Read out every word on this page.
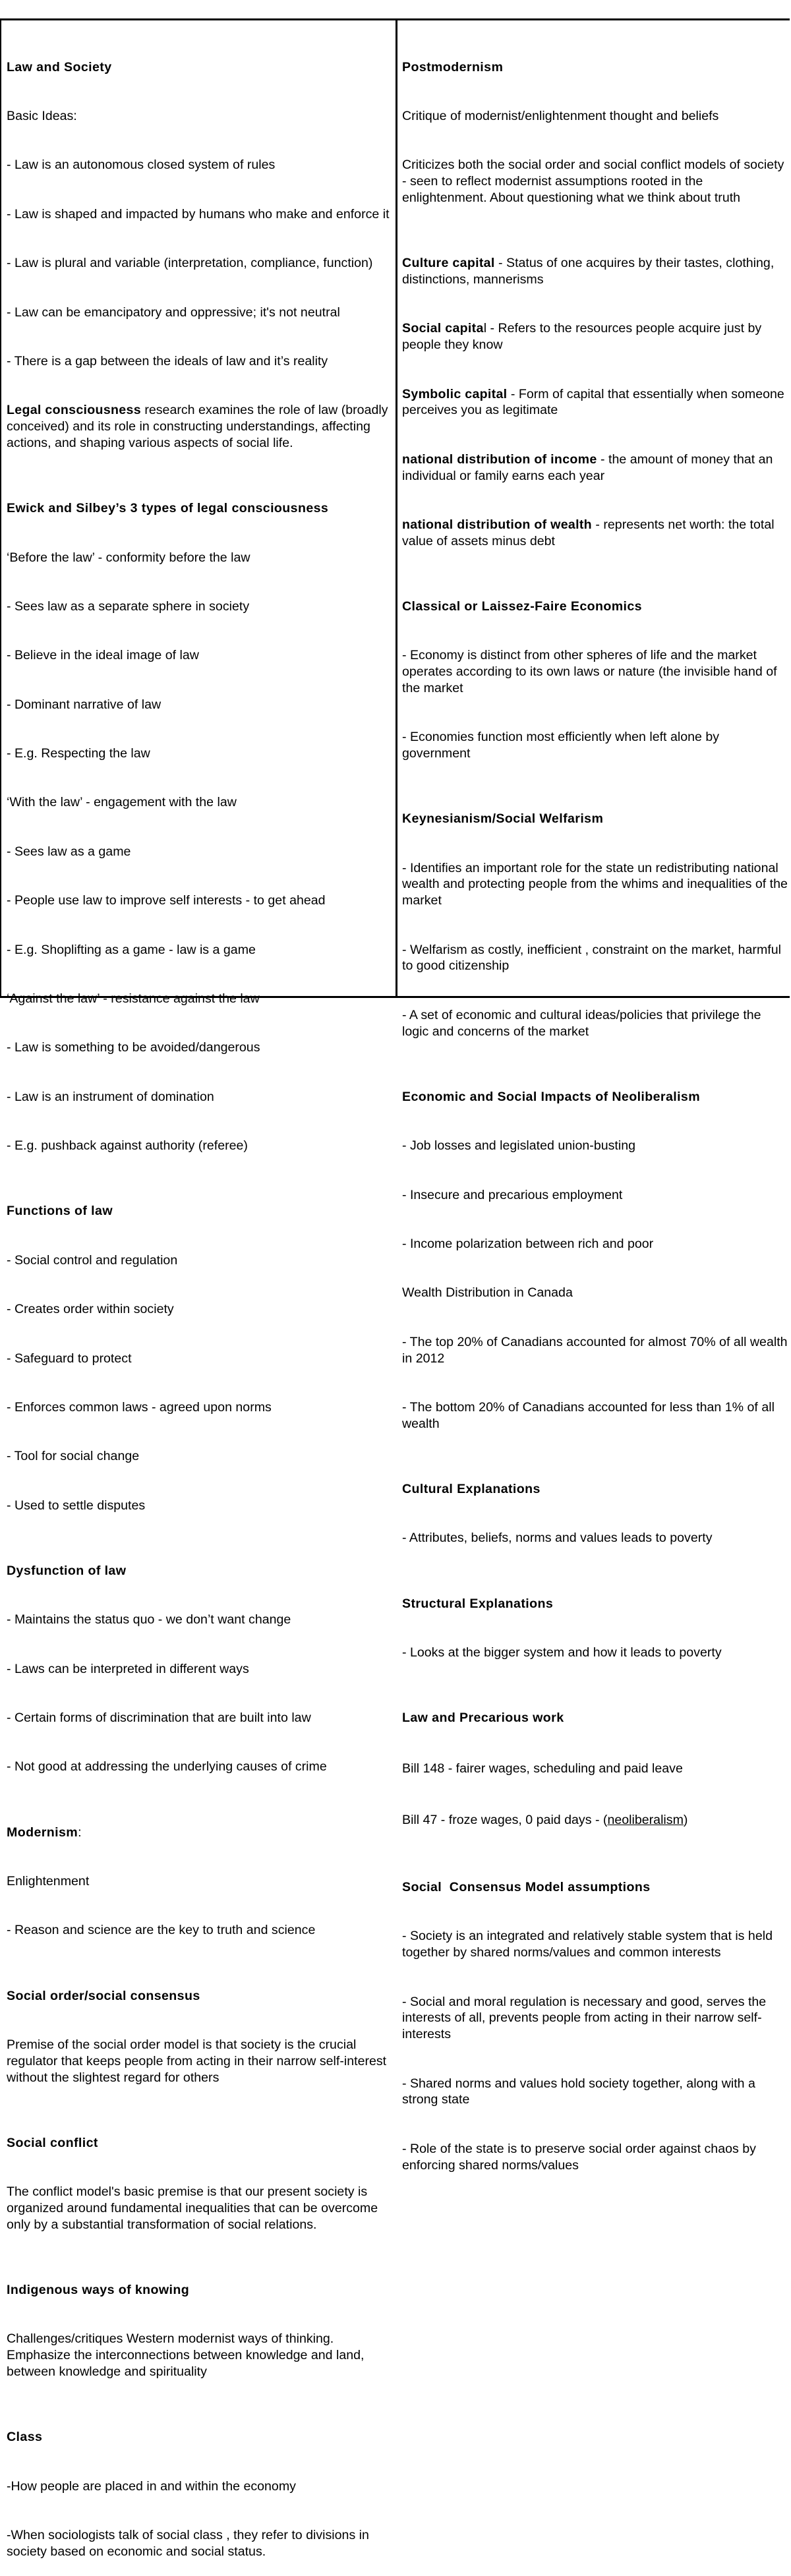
Law and Society

Basic Ideas:

- Law is an autonomous closed system of rules

- Law is shaped and impacted by humans who make and enforce it

- Law is plural and variable (interpretation, compliance, function)

- Law can be emancipatory and oppressive; it's not neutral

- There is a gap between the ideals of law and it’s reality

Legal consciousness research examines the role of law (broadly conceived) and its role in constructing understandings, affecting actions, and shaping various aspects of social life.

Ewick and Silbey’s 3 types of legal consciousness

‘Before the law’ - conformity before the law

- Sees law as a separate sphere in society

- Believe in the ideal image of law

- Dominant narrative of law

- E.g. Respecting the law

‘With the law’ - engagement with the law

- Sees law as a game

- People use law to improve self interests - to get ahead

- E.g. Shoplifting as a game - law is a game

‘Against the law’ - resistance against the law

- Law is something to be avoided/dangerous

- Law is an instrument of domination

- E.g. pushback against authority (referee)

Functions of law

- Social control and regulation

- Creates order within society

- Safeguard to protect

- Enforces common laws - agreed upon norms

- Tool for social change

- Used to settle disputes

Dysfunction of law

- Maintains the status quo - we don’t want change

- Laws can be interpreted in different ways

- Certain forms of discrimination that are built into law

- Not good at addressing the underlying causes of crime

Modernism:

Enlightenment

- Reason and science are the key to truth and science

Social order/social consensus

Premise of the social order model is that society is the crucial regulator that keeps people from acting in their narrow self-interest without the slightest regard for others

Social conflict

The conflict model's basic premise is that our present society is organized around fundamental inequalities that can be overcome only by a substantial transformation of social relations.

Indigenous ways of knowing

Challenges/critiques Western modernist ways of thinking. Emphasize the interconnections between knowledge and land, between knowledge and spirituality

Class

-How people are placed in and within the economy

-When sociologists talk of social class , they refer to divisions in society based on economic and social status.

Postmodernism

Critique of modernist/enlightenment thought and beliefs

Criticizes both the social order and social conflict models of society - seen to reflect modernist assumptions rooted in the enlightenment. About questioning what we think about truth

Culture capital - Status of one acquires by their tastes, clothing, distinctions, mannerisms

Social capital - Refers to the resources people acquire just by people they know

Symbolic capital - Form of capital that essentially when someone perceives you as legitimate

national distribution of income - the amount of money that an individual or family earns each year

national distribution of wealth - represents net worth: the total value of assets minus debt

Classical or Laissez-Faire Economics

- Economy is distinct from other spheres of life and the market operates according to its own laws or nature (the invisible hand of the market

- Economies function most efficiently when left alone by government

Keynesianism/Social Welfarism

- Identifies an important role for the state un redistributing national wealth and protecting people from the whims and inequalities of the market

- Welfarism as costly, inefficient , constraint on the market, harmful to good citizenship

- A set of economic and cultural ideas/policies that privilege the logic and concerns of the market

Economic and Social Impacts of Neoliberalism

- Job losses and legislated union-busting

- Insecure and precarious employment

- Income polarization between rich and poor

Wealth Distribution in Canada

- The top 20% of Canadians accounted for almost 70% of all wealth in 2012

- The bottom 20% of Canadians accounted for less than 1% of all wealth

Cultural Explanations

- Attributes, beliefs, norms and values leads to poverty

Structural Explanations

- Looks at the bigger system and how it leads to poverty

Law and Precarious work

Bill 148 - fairer wages, scheduling and paid leave

Bill 47 - froze wages, 0 paid days - (neoliberalism)

Social  Consensus Model assumptions

- Society is an integrated and relatively stable system that is held together by shared norms/values and common interests

- Social and moral regulation is necessary and good, serves the interests of all, prevents people from acting in their narrow self-interests

- Shared norms and values hold society together, along with a strong state

- Role of the state is to preserve social order against chaos by enforcing shared norms/values
